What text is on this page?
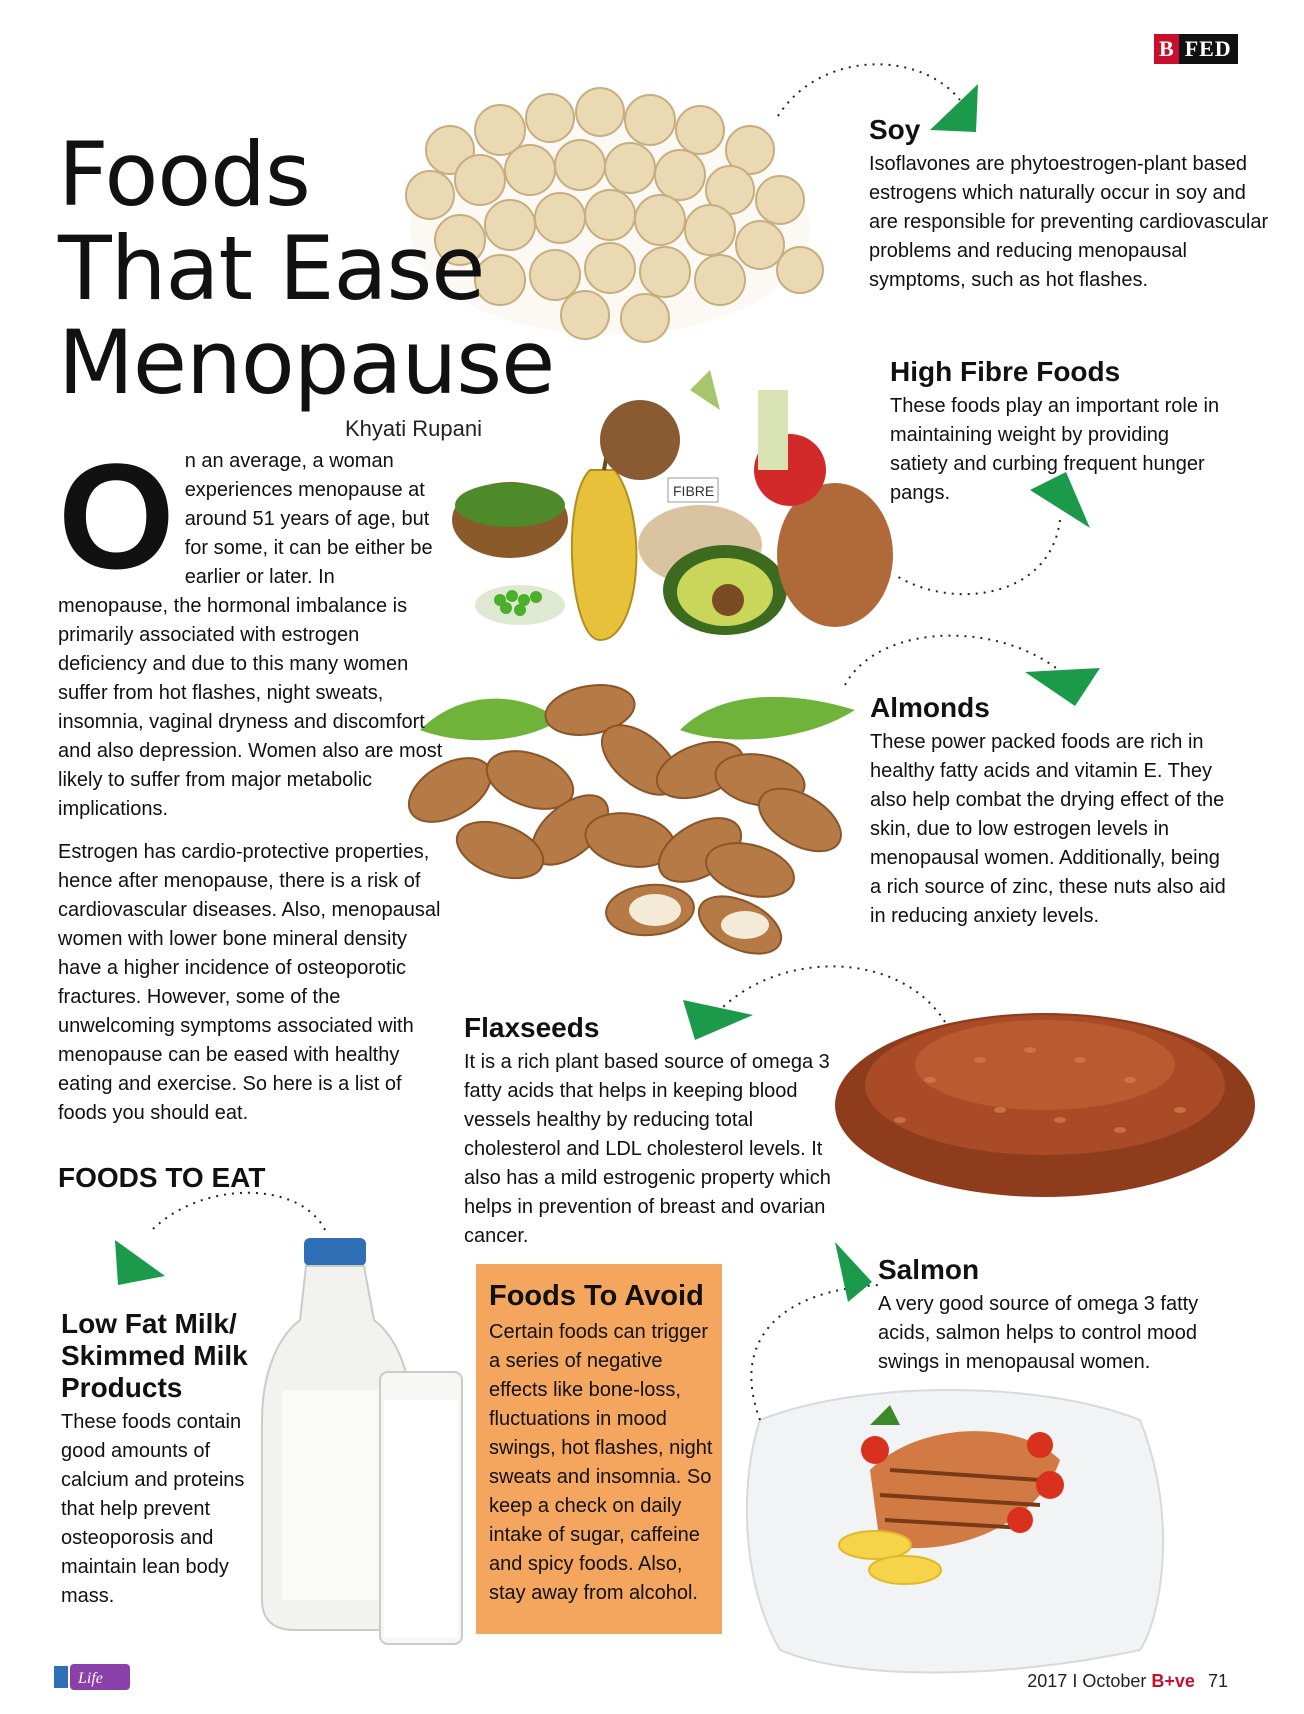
FIBRE
B FED
Foods
That Ease
Menopause
Khyati Rupani
O n an average, a woman experiences menopause at around 51 years of age, but for some, it can be either be earlier or later. In menopause, the hormonal imbalance is primarily associated with estrogen deficiency and due to this many women suffer from hot flashes, night sweats, insomnia, vaginal dryness and discomfort and also depression. Women also are most likely to suffer from major metabolic implications.
Estrogen has cardio-protective properties, hence after menopause, there is a risk of cardiovascular diseases. Also, menopausal women with lower bone mineral density have a higher incidence of osteoporotic fractures. However, some of the unwelcoming symptoms associated with menopause can be eased with healthy eating and exercise. So here is a list of foods you should eat.
FOODS TO EAT
Soy

Isoflavones are phytoestrogen-plant based estrogens which naturally occur in soy and are responsible for preventing cardiovascular problems and reducing menopausal symptoms, such as hot flashes.

High Fibre Foods

These foods play an important role in maintaining weight by providing satiety and curbing frequent hunger pangs.

Almonds

These power packed foods are rich in healthy fatty acids and vitamin E. They also help combat the drying effect of the skin, due to low estrogen levels in menopausal women. Additionally, being a rich source of zinc, these nuts also aid in reducing anxiety levels.

Flaxseeds

It is a rich plant based source of omega 3 fatty acids that helps in keeping blood vessels healthy by reducing total cholesterol and LDL cholesterol levels. It also has a mild estrogenic property which helps in prevention of breast and ovarian cancer.

Low Fat Milk/ Skimmed Milk Products

These foods contain good amounts of calcium and proteins that help prevent osteoporosis and maintain lean body mass.

Salmon

A very good source of omega 3 fatty acids, salmon helps to control mood swings in menopausal women.

Foods To Avoid

Certain foods can trigger a series of negative effects like bone-loss, fluctuations in mood swings, hot flashes, night sweats and insomnia. So keep a check on daily intake of sugar, caffeine and spicy foods. Also, stay away from alcohol.

Life	2017 I October B+ve 71
